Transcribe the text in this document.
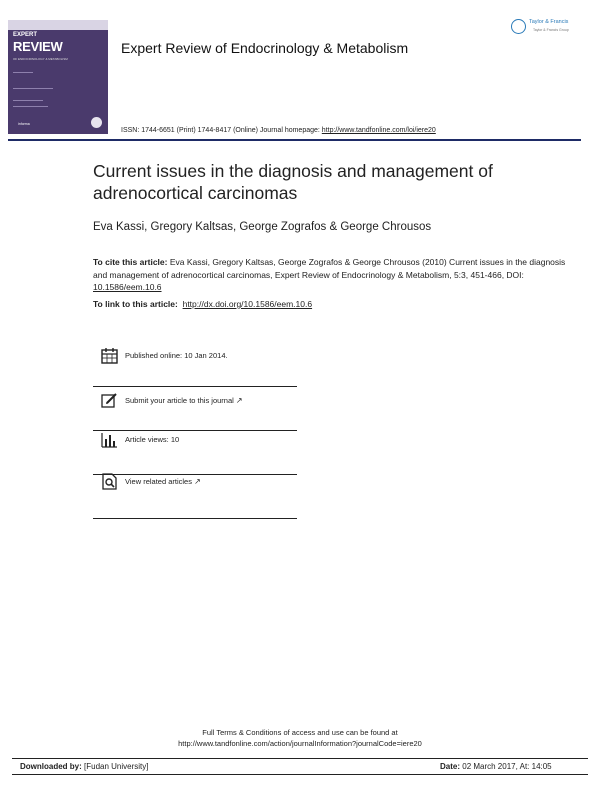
EXPERT
REVIEW
OF ENDOCRINOLOGY & METABOLISM
informa
Expert Review of Endocrinology & Metabolism
Taylor & Francis
Taylor & Francis Group
ISSN: 1744-6651 (Print) 1744-8417 (Online) Journal homepage: http://www.tandfonline.com/loi/iere20
Current issues in the diagnosis and management of adrenocortical carcinomas
Eva Kassi, Gregory Kaltsas, George Zografos & George Chrousos
To cite this article: Eva Kassi, Gregory Kaltsas, George Zografos & George Chrousos (2010) Current issues in the diagnosis and management of adrenocortical carcinomas, Expert Review of Endocrinology & Metabolism, 5:3, 451-466, DOI: 10.1586/eem.10.6
To link to this article: http://dx.doi.org/10.1586/eem.10.6
Published online: 10 Jan 2014.
Submit your article to this journal ↗
Article views: 10
View related articles ↗
Full Terms & Conditions of access and use can be found at
http://www.tandfonline.com/action/journalInformation?journalCode=iere20
Downloaded by: [Fudan University]	Date: 02 March 2017, At: 14:05
